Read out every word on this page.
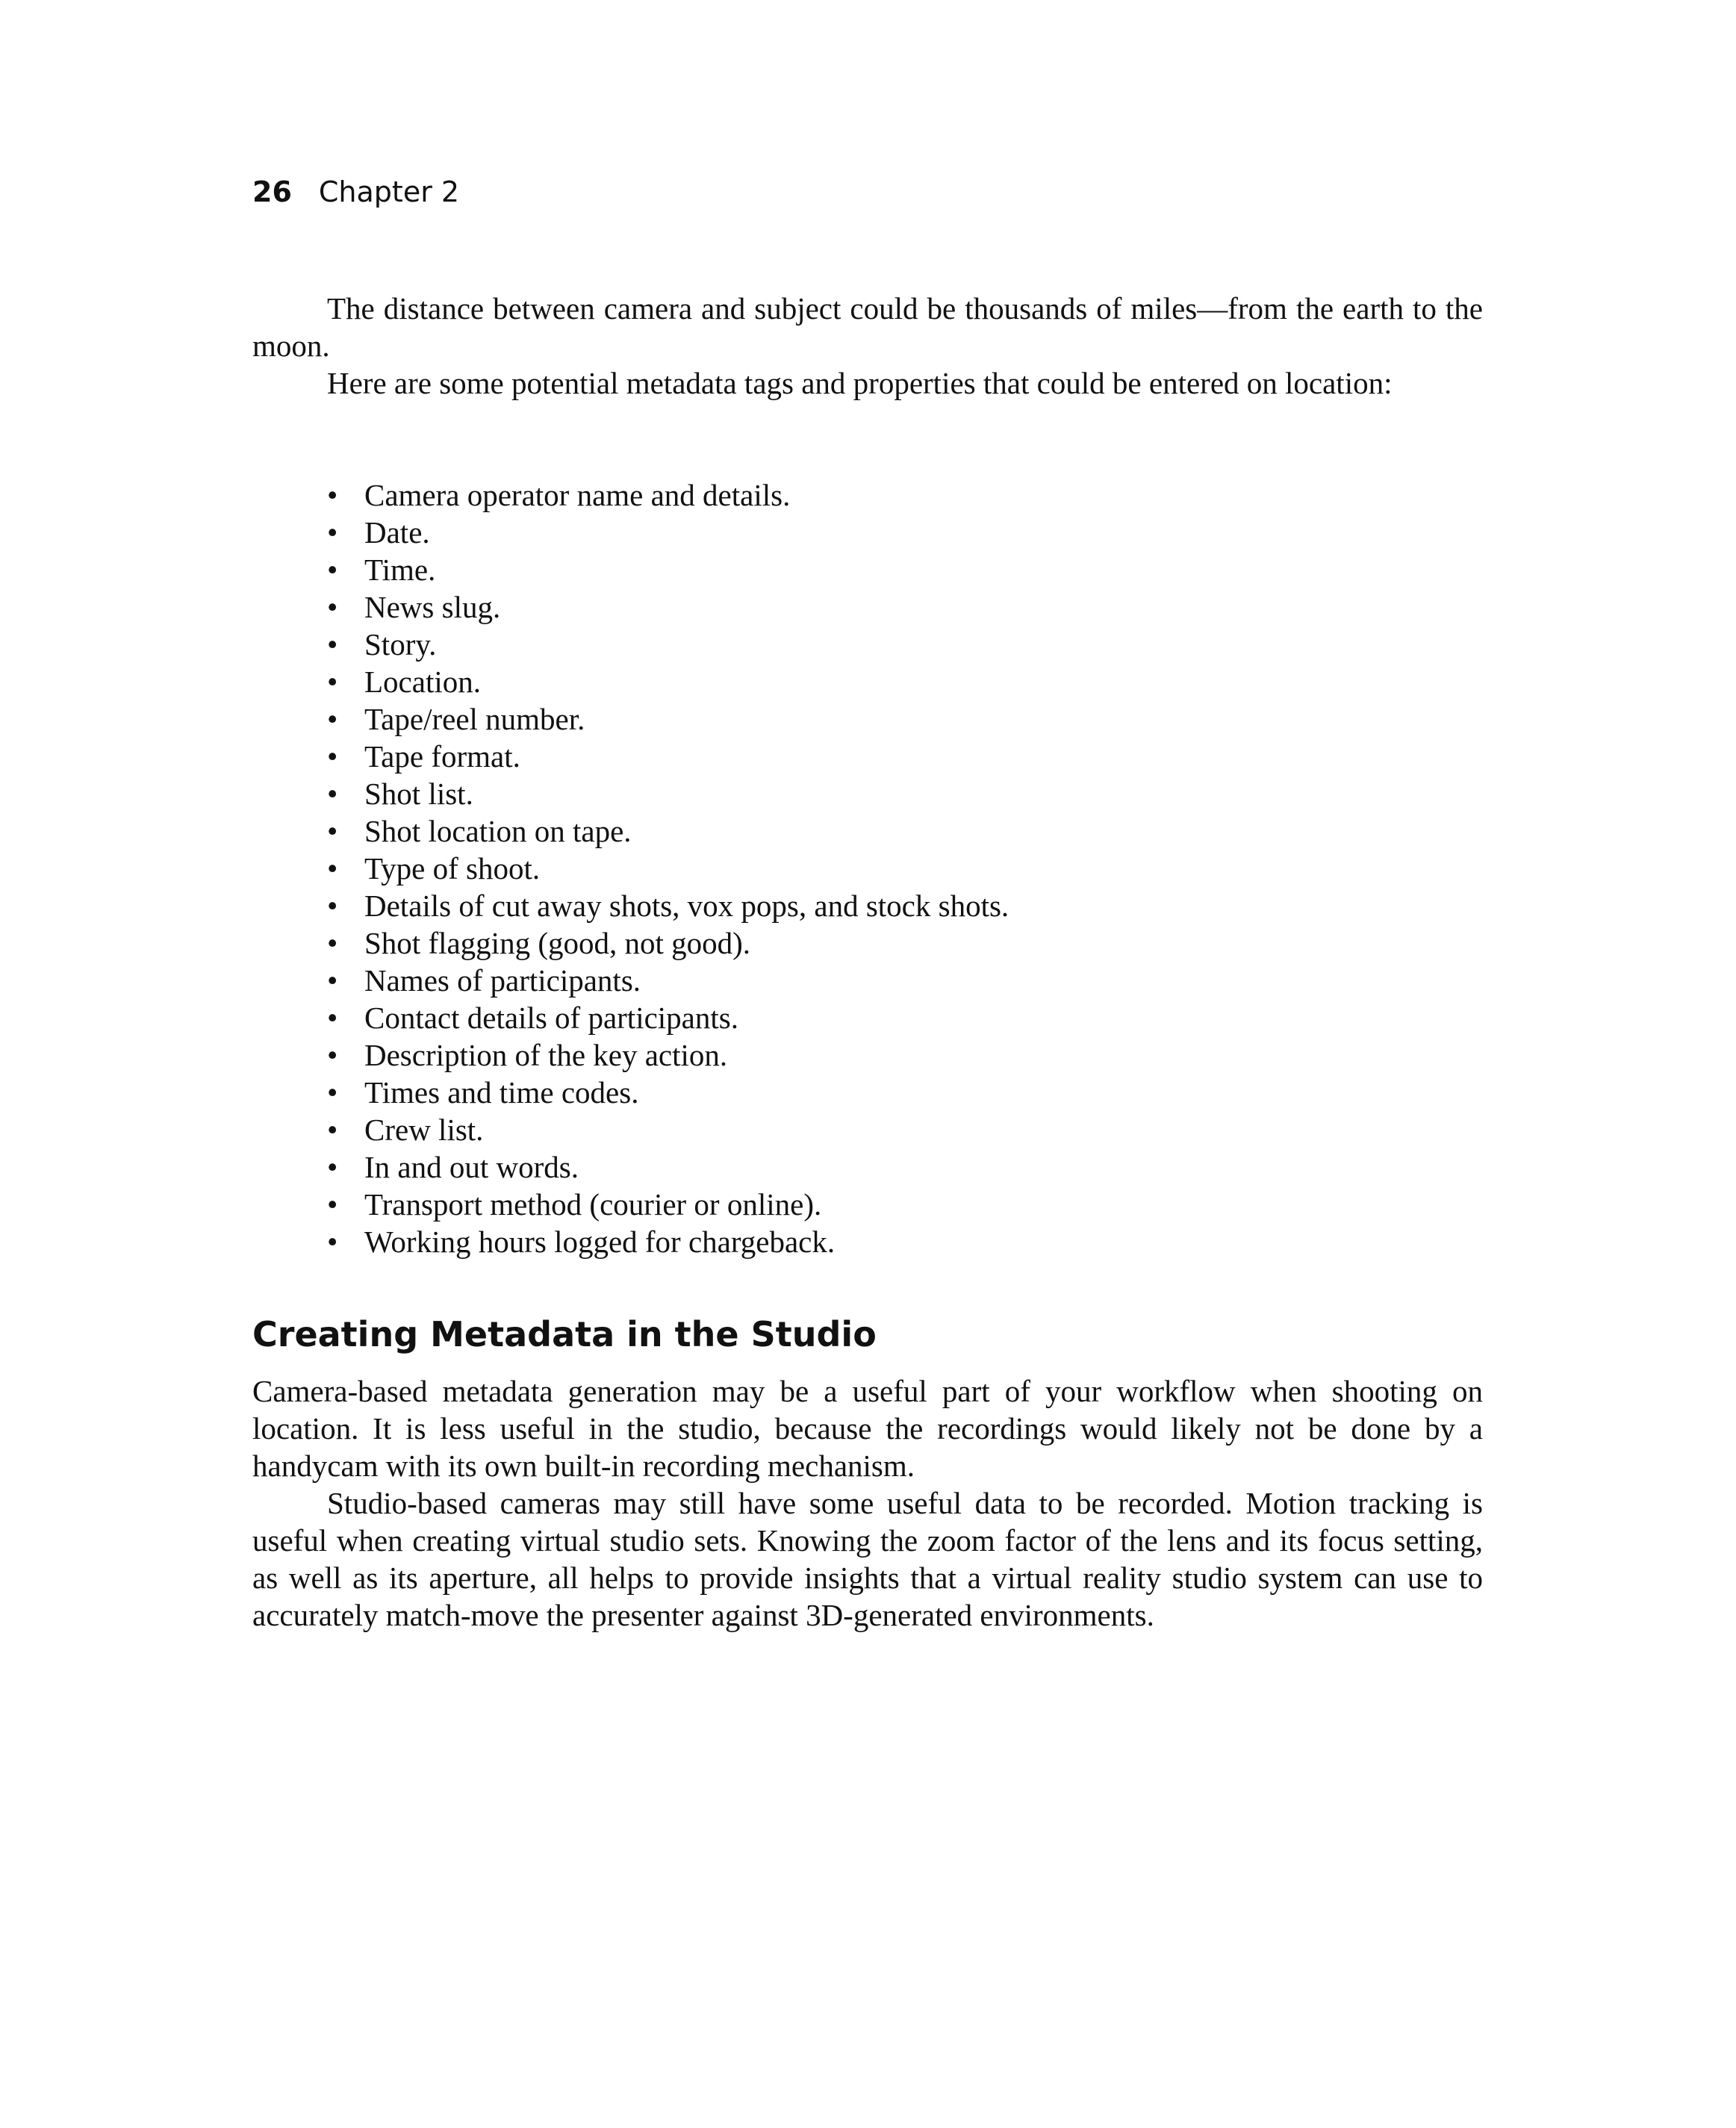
26 Chapter 2

The distance between camera and subject could be thousands of miles—from the earth to the moon.

Here are some potential metadata tags and properties that could be entered on location:

• Camera operator name and details.
• Date.
• Time.
• News slug.
• Story.
• Location.
• Tape/reel number.
• Tape format.
• Shot list.
• Shot location on tape.
• Type of shoot.
• Details of cut away shots, vox pops, and stock shots.
• Shot flagging (good, not good).
• Names of participants.
• Contact details of participants.
• Description of the key action.
• Times and time codes.
• Crew list.
• In and out words.
• Transport method (courier or online).
• Working hours logged for chargeback.
Creating Metadata in the Studio

Camera-based metadata generation may be a useful part of your workflow when shooting on location. It is less useful in the studio, because the recordings would likely not be done by a handycam with its own built-in recording mechanism.

Studio-based cameras may still have some useful data to be recorded. Motion tracking is useful when creating virtual studio sets. Knowing the zoom factor of the lens and its focus setting, as well as its aperture, all helps to provide insights that a virtual reality studio system can use to accurately match-move the presenter against 3D-generated environments.
